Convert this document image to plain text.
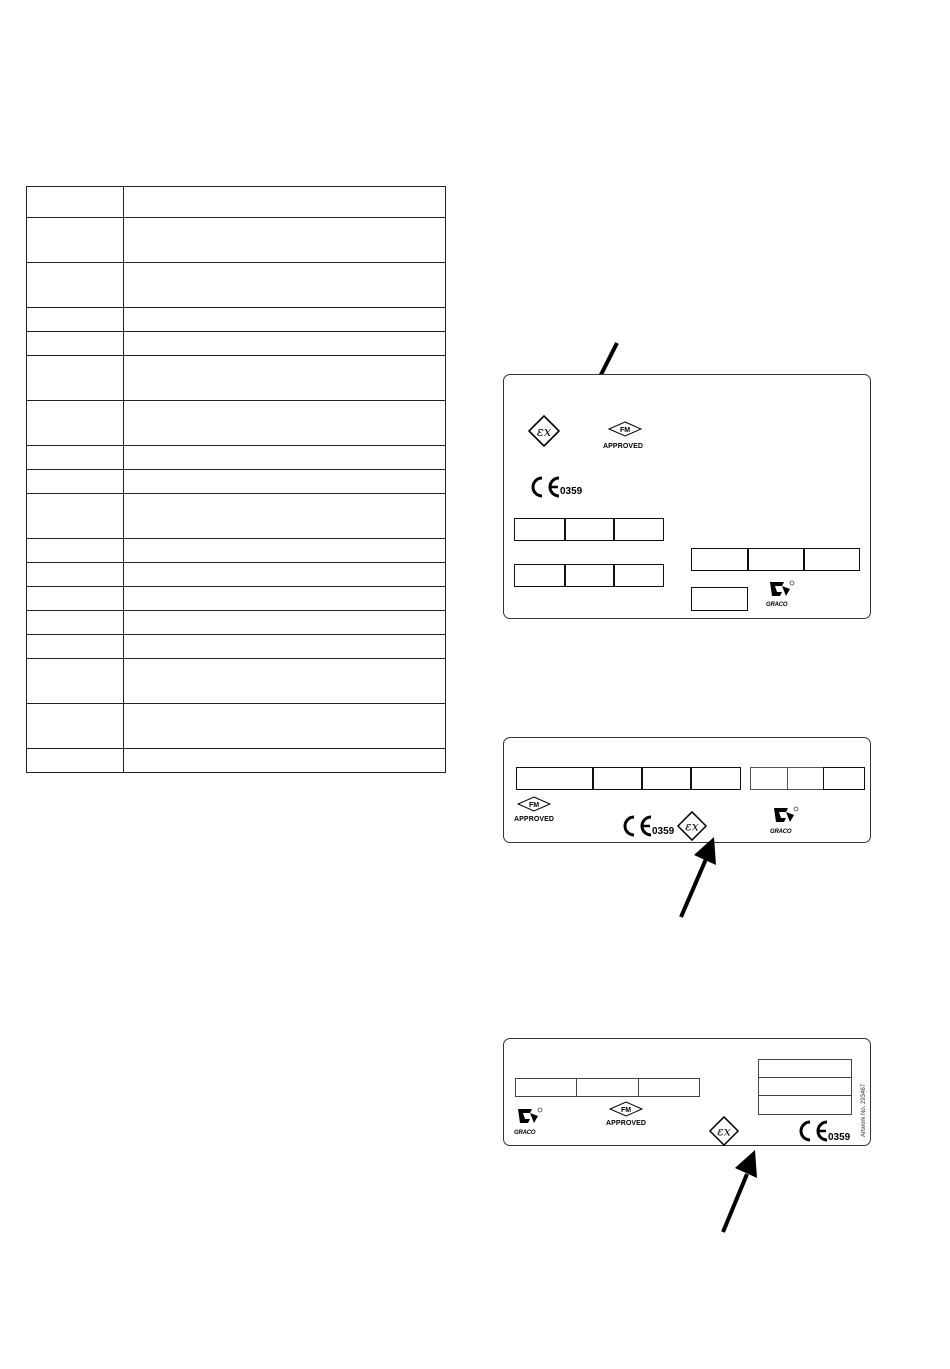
εx	FM
APPROVED
0359
GRACO
FM
APPROVED
0359 εx	GRACO
Artwork No. 293467
GRACO
FM
APPROVED
εx	0359
